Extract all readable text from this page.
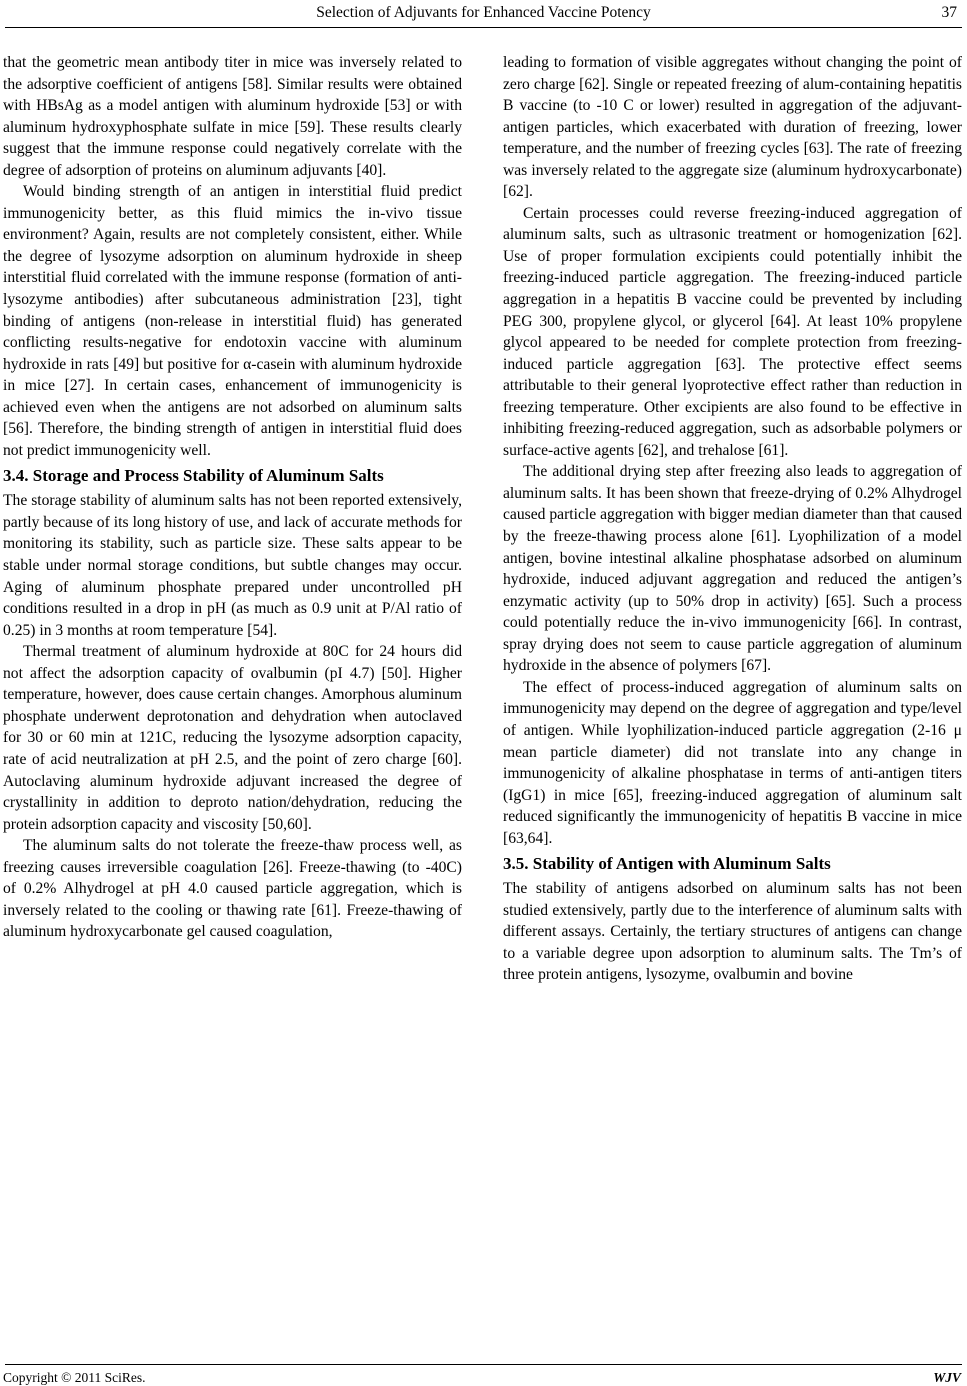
Selection of Adjuvants for Enhanced Vaccine Potency	37

that the geometric mean antibody titer in mice was inversely related to the adsorptive coefficient of antigens [58]. Similar results were obtained with HBsAg as a model antigen with aluminum hydroxide [53] or with aluminum hydroxyphosphate sulfate in mice [59]. These results clearly suggest that the immune response could negatively correlate with the degree of adsorption of proteins on aluminum adjuvants [40].

Would binding strength of an antigen in interstitial fluid predict immunogenicity better, as this fluid mimics the in-vivo tissue environment? Again, results are not completely consistent, either. While the degree of lysozyme adsorption on aluminum hydroxide in sheep interstitial fluid correlated with the immune response (formation of anti-lysozyme antibodies) after subcutaneous administration [23], tight binding of antigens (non-release in interstitial fluid) has generated conflicting results-negative for endotoxin vaccine with aluminum hydroxide in rats [49] but positive for α-casein with aluminum hydroxide in mice [27]. In certain cases, enhancement of immunogenicity is achieved even when the antigens are not adsorbed on aluminum salts [56]. Therefore, the binding strength of antigen in interstitial fluid does not predict immunogenicity well.

3.4. Storage and Process Stability of Aluminum Salts

The storage stability of aluminum salts has not been reported extensively, partly because of its long history of use, and lack of accurate methods for monitoring its stability, such as particle size. These salts appear to be stable under normal storage conditions, but subtle changes may occur. Aging of aluminum phosphate prepared under uncontrolled pH conditions resulted in a drop in pH (as much as 0.9 unit at P/Al ratio of 0.25) in 3 months at room temperature [54].

Thermal treatment of aluminum hydroxide at 80C for 24 hours did not affect the adsorption capacity of ovalbumin (pI 4.7) [50]. Higher temperature, however, does cause certain changes. Amorphous aluminum phosphate underwent deprotonation and dehydration when autoclaved for 30 or 60 min at 121C, reducing the lysozyme adsorption capacity, rate of acid neutralization at pH 2.5, and the point of zero charge [60]. Autoclaving aluminum hydroxide adjuvant increased the degree of crystallinity in addition to deproto nation/dehydration, reducing the protein adsorption capacity and viscosity [50,60].

The aluminum salts do not tolerate the freeze-thaw process well, as freezing causes irreversible coagulation [26]. Freeze-thawing (to -40C) of 0.2% Alhydrogel at pH 4.0 caused particle aggregation, which is inversely related to the cooling or thawing rate [61]. Freeze-thawing of aluminum hydroxycarbonate gel caused coagulation,

leading to formation of visible aggregates without changing the point of zero charge [62]. Single or repeated freezing of alum-containing hepatitis B vaccine (to -10 C or lower) resulted in aggregation of the adjuvant-antigen particles, which exacerbated with duration of freezing, lower temperature, and the number of freezing cycles [63]. The rate of freezing was inversely related to the aggregate size (aluminum hydroxycarbonate) [62].

Certain processes could reverse freezing-induced aggregation of aluminum salts, such as ultrasonic treatment or homogenization [62]. Use of proper formulation excipients could potentially inhibit the freezing-induced particle aggregation. The freezing-induced particle aggregation in a hepatitis B vaccine could be prevented by including PEG 300, propylene glycol, or glycerol [64]. At least 10% propylene glycol appeared to be needed for complete protection from freezing-induced particle aggregation [63]. The protective effect seems attributable to their general lyoprotective effect rather than reduction in freezing temperature. Other excipients are also found to be effective in inhibiting freezing-reduced aggregation, such as adsorbable polymers or surface-active agents [62], and trehalose [61].

The additional drying step after freezing also leads to aggregation of aluminum salts. It has been shown that freeze-drying of 0.2% Alhydrogel caused particle aggregation with bigger median diameter than that caused by the freeze-thawing process alone [61]. Lyophilization of a model antigen, bovine intestinal alkaline phosphatase adsorbed on aluminum hydroxide, induced adjuvant aggregation and reduced the antigen’s enzymatic activity (up to 50% drop in activity) [65]. Such a process could potentially reduce the in-vivo immunogenicity [66]. In contrast, spray drying does not seem to cause particle aggregation of aluminum hydroxide in the absence of polymers [67].

The effect of process-induced aggregation of aluminum salts on immunogenicity may depend on the degree of aggregation and type/level of antigen. While lyophilization-induced particle aggregation (2-16 μ mean particle diameter) did not translate into any change in immunogenicity of alkaline phosphatase in terms of anti-antigen titers (IgG1) in mice [65], freezing-induced aggregation of aluminum salt reduced significantly the immunogenicity of hepatitis B vaccine in mice [63,64].

3.5. Stability of Antigen with Aluminum Salts

The stability of antigens adsorbed on aluminum salts has not been studied extensively, partly due to the interference of aluminum salts with different assays. Certainly, the tertiary structures of antigens can change to a variable degree upon adsorption to aluminum salts. The Tm’s of three protein antigens, lysozyme, ovalbumin and bovine

Copyright © 2011 SciRes.	WJV
